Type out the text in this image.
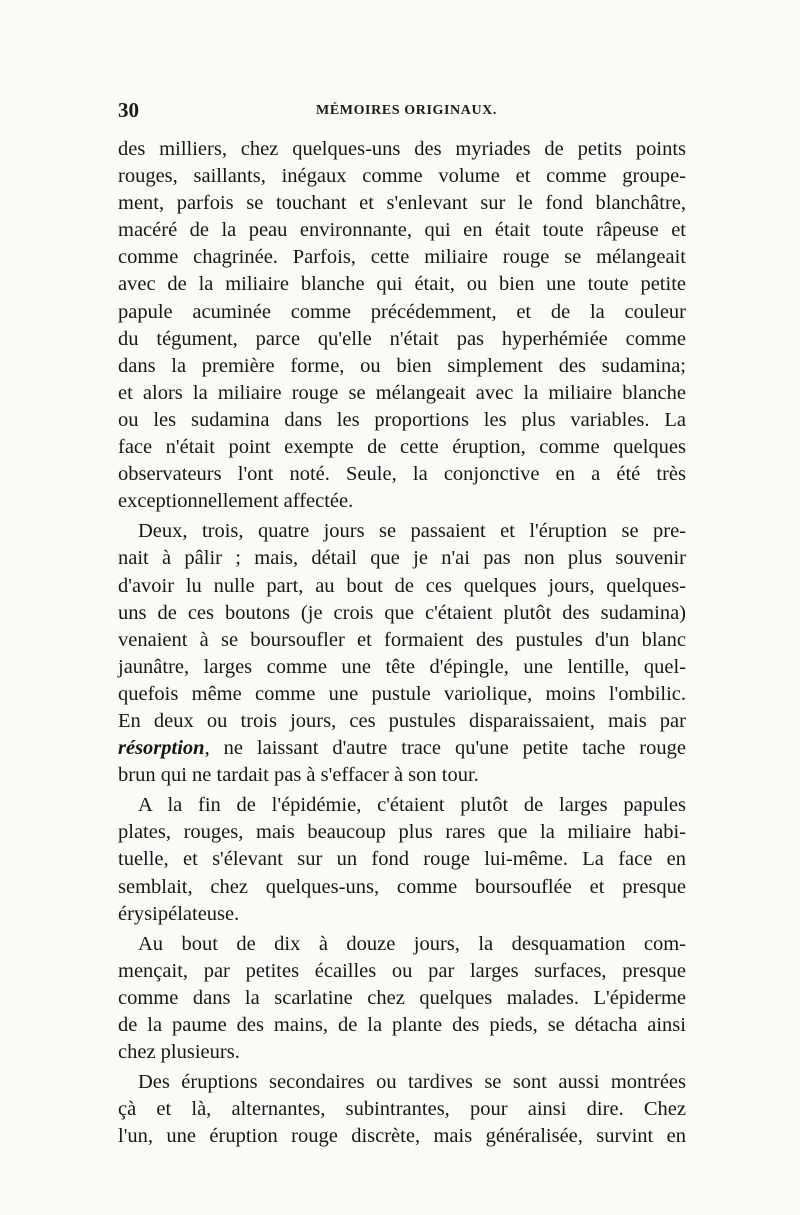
30	MÉMOIRES ORIGINAUX.
des milliers, chez quelques-uns des myriades de petits points
rouges, saillants, inégaux comme volume et comme groupe-
ment, parfois se touchant et s'enlevant sur le fond blanchâtre,
macéré de la peau environnante, qui en était toute râpeuse et
comme chagrinée. Parfois, cette miliaire rouge se mélangeait
avec de la miliaire blanche qui était, ou bien une toute petite
papule acuminée comme précédemment, et de la couleur
du tégument, parce qu'elle n'était pas hyperhémiée comme
dans la première forme, ou bien simplement des sudamina;
et alors la miliaire rouge se mélangeait avec la miliaire blanche
ou les sudamina dans les proportions les plus variables. La
face n'était point exempte de cette éruption, comme quelques
observateurs l'ont noté. Seule, la conjonctive en a été très
exceptionnellement affectée.
Deux, trois, quatre jours se passaient et l'éruption se pre-
nait à pâlir ; mais, détail que je n'ai pas non plus souvenir
d'avoir lu nulle part, au bout de ces quelques jours, quelques-
uns de ces boutons (je crois que c'étaient plutôt des sudamina)
venaient à se boursoufler et formaient des pustules d'un blanc
jaunâtre, larges comme une tête d'épingle, une lentille, quel-
quefois même comme une pustule variolique, moins l'ombilic.
En deux ou trois jours, ces pustules disparaissaient, mais par
résorption, ne laissant d'autre trace qu'une petite tache rouge
brun qui ne tardait pas à s'effacer à son tour.
A la fin de l'épidémie, c'étaient plutôt de larges papules
plates, rouges, mais beaucoup plus rares que la miliaire habi-
tuelle, et s'élevant sur un fond rouge lui-même. La face en
semblait, chez quelques-uns, comme boursouflée et presque
érysipélateuse.
Au bout de dix à douze jours, la desquamation com-
mençait, par petites écailles ou par larges surfaces, presque
comme dans la scarlatine chez quelques malades. L'épiderme
de la paume des mains, de la plante des pieds, se détacha ainsi
chez plusieurs.
Des éruptions secondaires ou tardives se sont aussi montrées
çà et là, alternantes, subintrantes, pour ainsi dire. Chez
l'un, une éruption rouge discrète, mais généralisée, survint en
